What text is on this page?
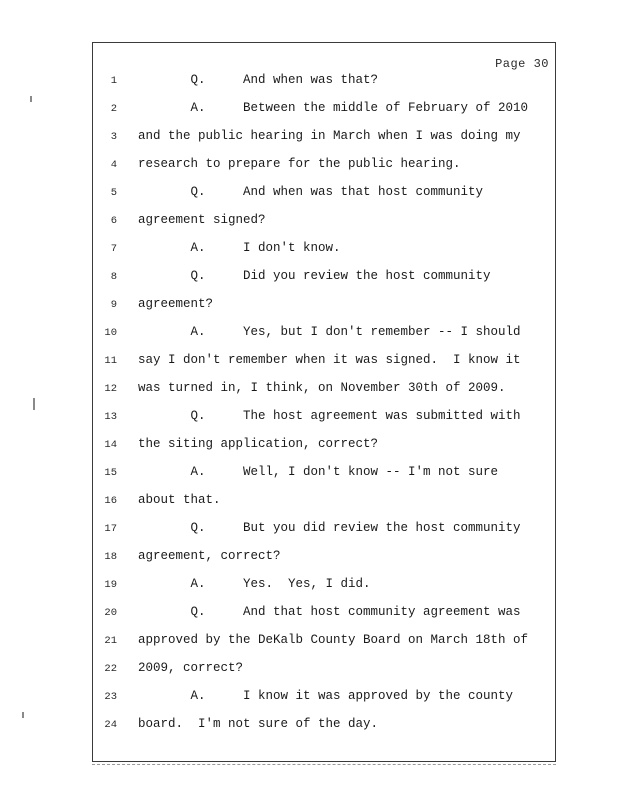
Page 30
1 Q.     And when was that?
2 A.     Between the middle of February of 2010
3 and the public hearing in March when I was doing my
4 research to prepare for the public hearing.
5 Q.     And when was that host community
6 agreement signed?
7 A.     I don't know.
8 Q.     Did you review the host community
9 agreement?
10 A.     Yes, but I don't remember -- I should
11 say I don't remember when it was signed.  I know it
12 was turned in, I think, on November 30th of 2009.
13 Q.     The host agreement was submitted with
14 the siting application, correct?
15 A.     Well, I don't know -- I'm not sure
16 about that.
17 Q.     But you did review the host community
18 agreement, correct?
19 A.     Yes.  Yes, I did.
20 Q.     And that host community agreement was
21 approved by the DeKalb County Board on March 18th of
22 2009, correct?
23 A.     I know it was approved by the county
24 board.  I'm not sure of the day.
